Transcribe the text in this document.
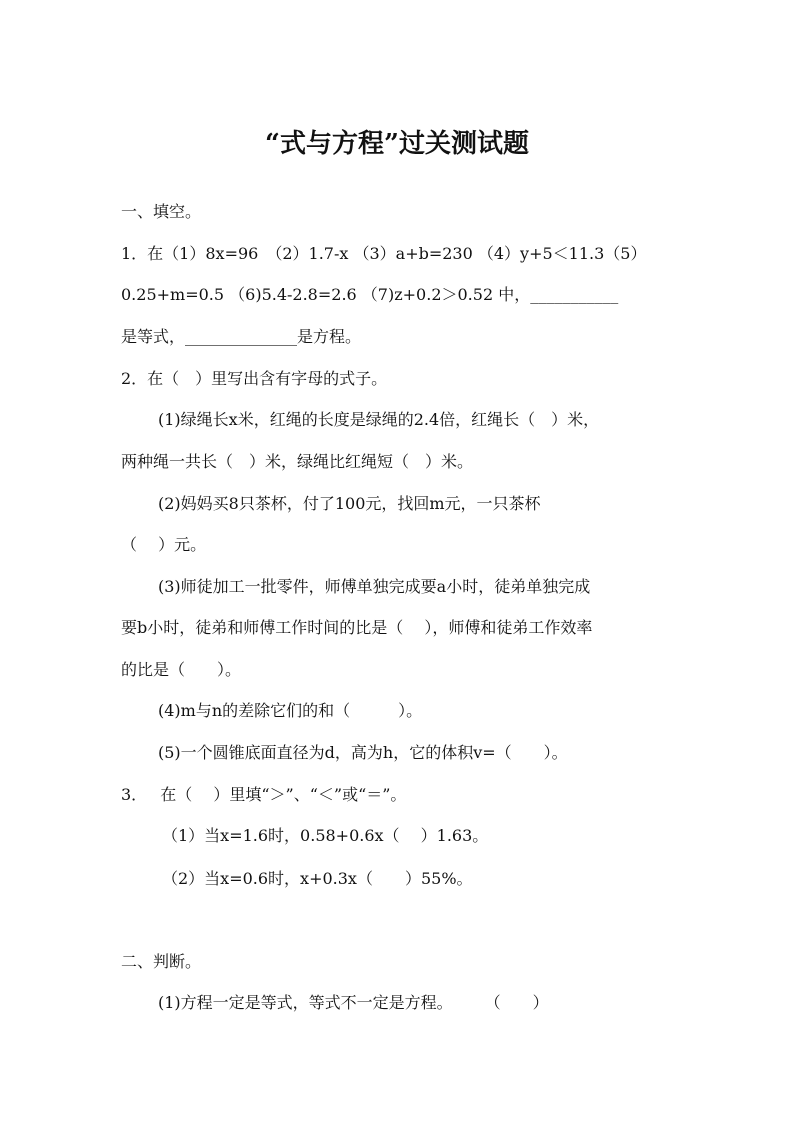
“式与方程”过关测试题
一、填空。
1．在（1）8x=96　（2）1.7-x （3）a+b=230 （4）y+5＜11.3（5）
0.25+m=0.5 （6)5.4-2.8=2.6 （7)z+0.2＞0.52 中，___________
是等式，______________是方程。
2．在（　）里写出含有字母的式子。
(1)绿绳长x米，红绳的长度是绿绳的2.4倍，红绳长（　）米，
两种绳一共长（　）米，绿绳比红绳短（　）米。
(2)妈妈买8只茶杯，付了100元，找回m元，一只茶杯
（　 ）元。
(3)师徒加工一批零件，师傅单独完成要a小时，徒弟单独完成
要b小时，徒弟和师傅工作时间的比是（　 ），师傅和徒弟工作效率
的比是（　　）。
(4)m与n的差除它们的和（　　　）。
(5)一个圆锥底面直径为d，高为h，它的体积v=（　　）。
3．　 在（　 ）里填“＞”、“＜”或“＝”。
（1）当x=1.6时，0.58+0.6x（　 ）1.63。
（2）当x=0.6时，x+0.3x（　　）55%。
二、判断。
(1)方程一定是等式，等式不一定是方程。　　　（　　）
